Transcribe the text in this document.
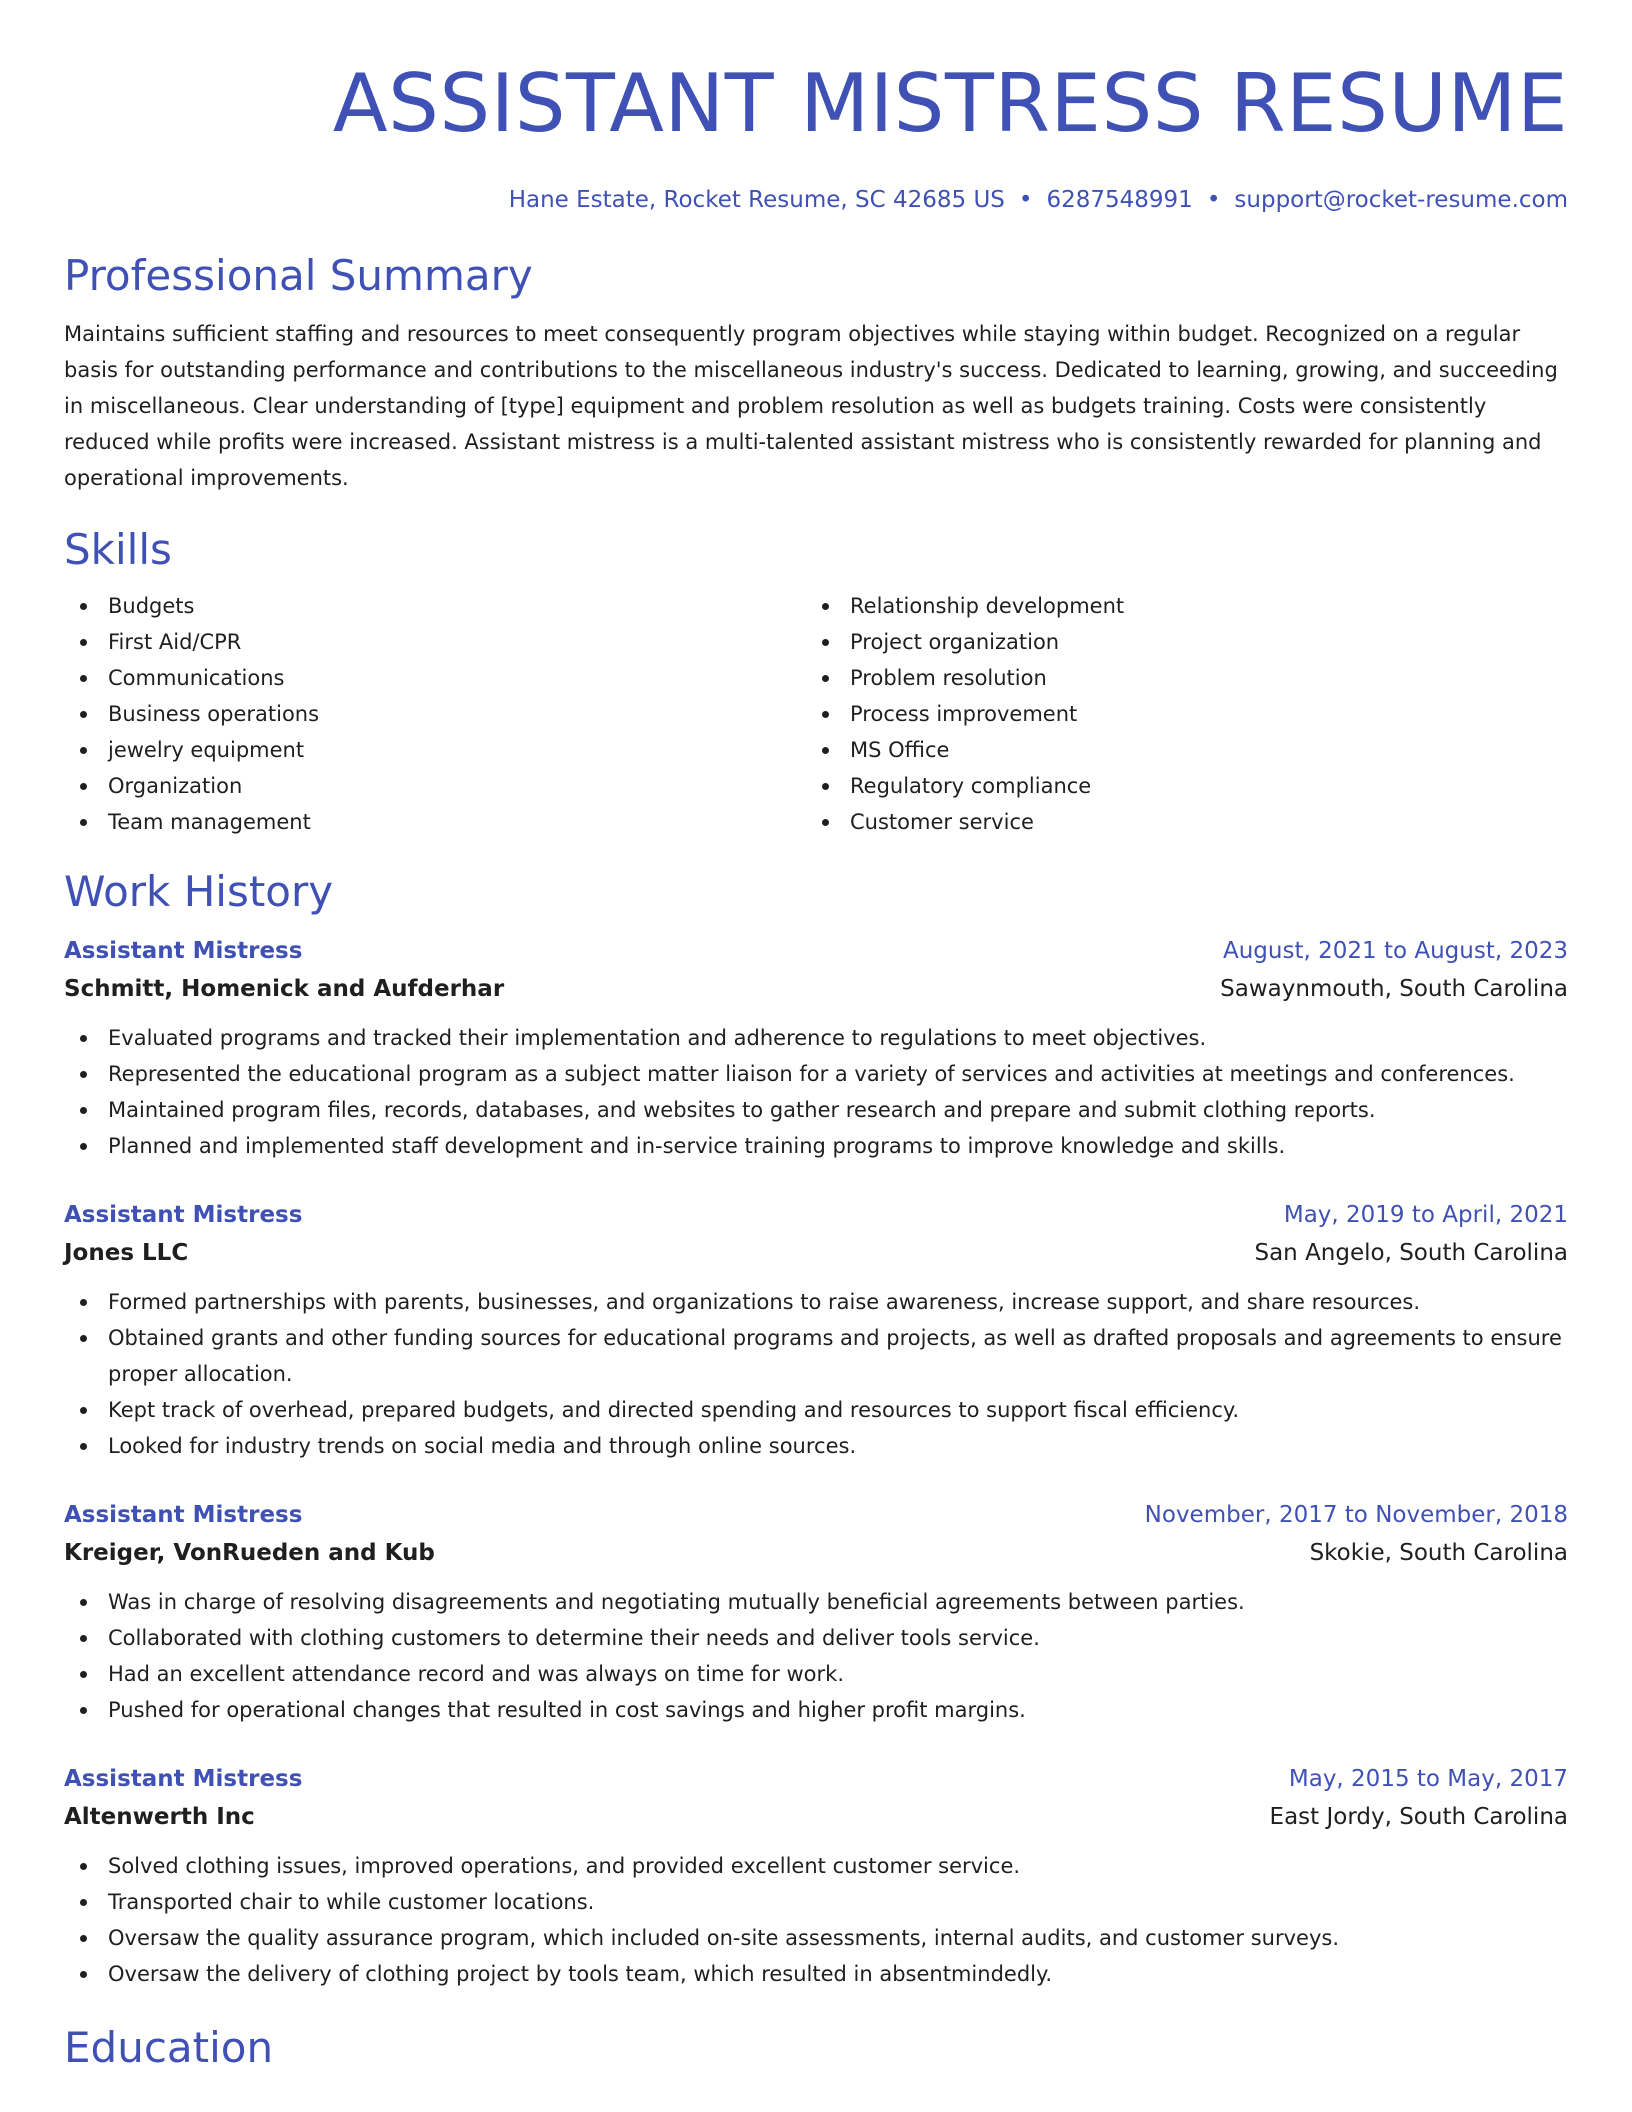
ASSISTANT MISTRESS RESUME
Hane Estate, Rocket Resume, SC 42685 US • 6287548991 • support@rocket-resume.com
Professional Summary
Maintains sufficient staffing and resources to meet consequently program objectives while staying within budget. Recognized on a regular basis for outstanding performance and contributions to the miscellaneous industry's success. Dedicated to learning, growing, and succeeding in miscellaneous. Clear understanding of [type] equipment and problem resolution as well as budgets training. Costs were consistently reduced while profits were increased. Assistant mistress is a multi-talented assistant mistress who is consistently rewarded for planning and operational improvements.
Skills
Budgets
First Aid/CPR
Communications
Business operations
jewelry equipment
Organization
Team management
Relationship development
Project organization
Problem resolution
Process improvement
MS Office
Regulatory compliance
Customer service
Work History
Assistant Mistress	August, 2021 to August, 2023
Schmitt, Homenick and Aufderhar	Sawaynmouth, South Carolina
Evaluated programs and tracked their implementation and adherence to regulations to meet objectives.
Represented the educational program as a subject matter liaison for a variety of services and activities at meetings and conferences.
Maintained program files, records, databases, and websites to gather research and prepare and submit clothing reports.
Planned and implemented staff development and in-service training programs to improve knowledge and skills.
Assistant Mistress	May, 2019 to April, 2021
Jones LLC	San Angelo, South Carolina
Formed partnerships with parents, businesses, and organizations to raise awareness, increase support, and share resources.
Obtained grants and other funding sources for educational programs and projects, as well as drafted proposals and agreements to ensure proper allocation.
Kept track of overhead, prepared budgets, and directed spending and resources to support fiscal efficiency.
Looked for industry trends on social media and through online sources.
Assistant Mistress	November, 2017 to November, 2018
Kreiger, VonRueden and Kub	Skokie, South Carolina
Was in charge of resolving disagreements and negotiating mutually beneficial agreements between parties.
Collaborated with clothing customers to determine their needs and deliver tools service.
Had an excellent attendance record and was always on time for work.
Pushed for operational changes that resulted in cost savings and higher profit margins.
Assistant Mistress	May, 2015 to May, 2017
Altenwerth Inc	East Jordy, South Carolina
Solved clothing issues, improved operations, and provided excellent customer service.
Transported chair to while customer locations.
Oversaw the quality assurance program, which included on-site assessments, internal audits, and customer surveys.
Oversaw the delivery of clothing project by tools team, which resulted in absentmindedly.
Education
